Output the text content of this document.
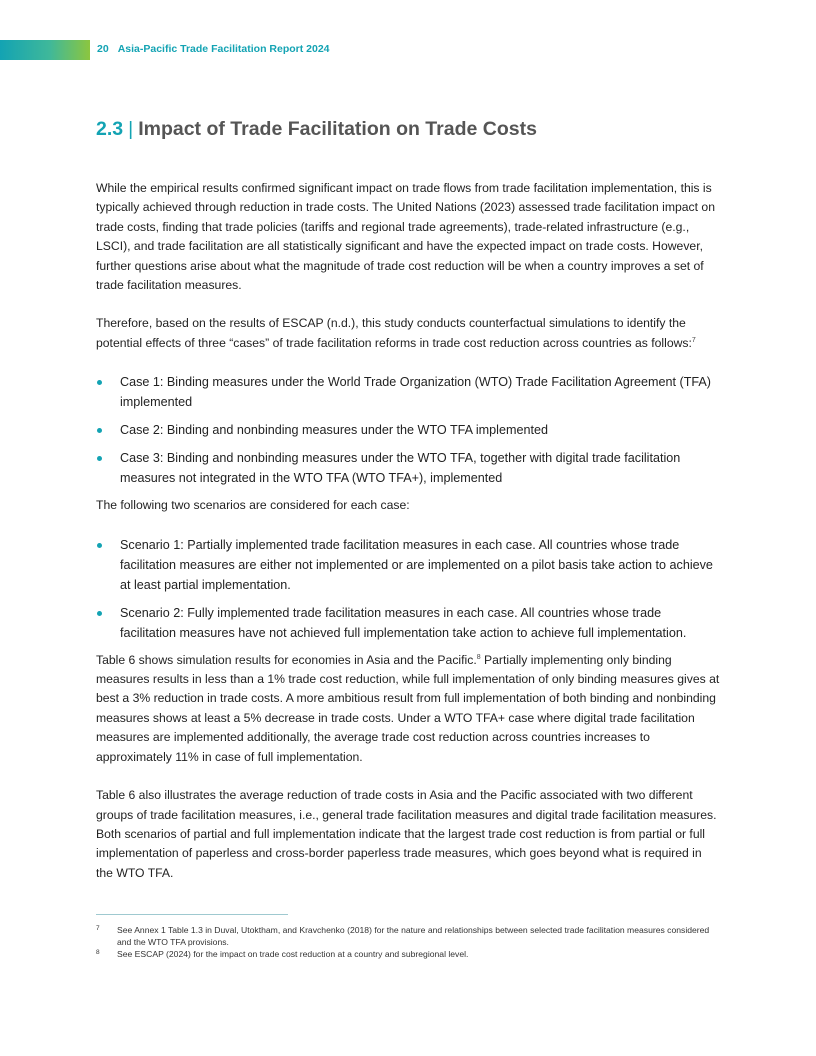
20 Asia-Pacific Trade Facilitation Report 2024
2.3 | Impact of Trade Facilitation on Trade Costs

While the empirical results confirmed significant impact on trade flows from trade facilitation implementation, this is typically achieved through reduction in trade costs. The United Nations (2023) assessed trade facilitation impact on trade costs, finding that trade policies (tariffs and regional trade agreements), trade-related infrastructure (e.g., LSCI), and trade facilitation are all statistically significant and have the expected impact on trade costs. However, further questions arise about what the magnitude of trade cost reduction will be when a country improves a set of trade facilitation measures.

Therefore, based on the results of ESCAP (n.d.), this study conducts counterfactual simulations to identify the potential effects of three “cases” of trade facilitation reforms in trade cost reduction across countries as follows:$^7$

Case 1: Binding measures under the World Trade Organization (WTO) Trade Facilitation Agreement (TFA) implemented
Case 2: Binding and nonbinding measures under the WTO TFA implemented
Case 3: Binding and nonbinding measures under the WTO TFA, together with digital trade facilitation measures not integrated in the WTO TFA (WTO TFA+), implemented

The following two scenarios are considered for each case:

Scenario 1: Partially implemented trade facilitation measures in each case. All countries whose trade facilitation measures are either not implemented or are implemented on a pilot basis take action to achieve at least partial implementation.
Scenario 2: Fully implemented trade facilitation measures in each case. All countries whose trade facilitation measures have not achieved full implementation take action to achieve full implementation.

Table 6 shows simulation results for economies in Asia and the Pacific.$^8$ Partially implementing only binding measures results in less than a 1% trade cost reduction, while full implementation of only binding measures gives at best a 3% reduction in trade costs. A more ambitious result from full implementation of both binding and nonbinding measures shows at least a 5% decrease in trade costs. Under a WTO TFA+ case where digital trade facilitation measures are implemented additionally, the average trade cost reduction across countries increases to approximately 11% in case of full implementation.

Table 6 also illustrates the average reduction of trade costs in Asia and the Pacific associated with two different groups of trade facilitation measures, i.e., general trade facilitation measures and digital trade facilitation measures. Both scenarios of partial and full implementation indicate that the largest trade cost reduction is from partial or full implementation of paperless and cross-border paperless trade measures, which goes beyond what is required in the WTO TFA.

7 See Annex 1 Table 1.3 in Duval, Utoktham, and Kravchenko (2018) for the nature and relationships between selected trade facilitation measures considered and the WTO TFA provisions.
8 See ESCAP (2024) for the impact on trade cost reduction at a country and subregional level.
